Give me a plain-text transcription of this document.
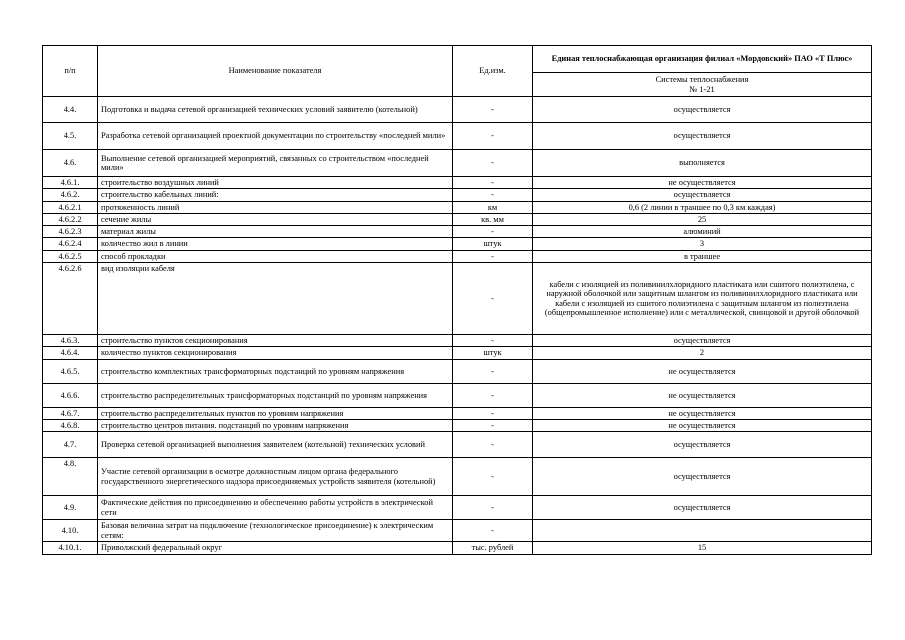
п/п	Наименование показателя	Ед.изм.	Единая теплоснабжающая организация филиал «Мордовский» ПАО «Т Плюс»

			Системы теплоснабжения
№ 1-21

4.4.	Подготовка и выдача сетевой организацией технических условий заявителю (котельной)	-	осуществляется
4.5.	Разработка сетевой организацией проектной документации по строительству «последней мили»	-	осуществляется
4.6.	Выполнение сетевой организацией мероприятий, связанных со строительством «последней мили»	-	выполняется
4.6.1.	строительство воздушных линий	-	не осуществляется
4.6.2.	строительство кабельных линий:	-	осуществляется
4.6.2.1	протяженность линий	км	0,6 (2 линии в траншее по 0,3 км каждая)
4.6.2.2	сечение жилы	кв. мм	25
4.6.2.3	материал жилы	-	алюминий
4.6.2.4	количество жил в линии	штук	3
4.6.2.5	способ прокладки	-	в траншее
4.6.2.6	вид изоляции кабеля	-	кабели с изоляцией из поливинилхлоридного пластиката или сшитого полиэтилена, с наружной оболочкой или защитным шлангом из поливинилхлоридного пластиката или кабели с изоляцией из сшитого полиэтилена с защитным шлангом из полиэтилена (общепромышленное исполнение) или с металлической, свинцовой и другой оболочкой
4.6.3.	строительство пунктов секционирования	-	осуществляется
4.6.4.	количество пунктов секционирования	штук	2
4.6.5.	строительство комплектных трансформаторных подстанций по уровням напряжения	-	не осуществляется
4.6.6.	строительство распределительных трансформаторных подстанций по уровням напряжения	-	не осуществляется
4.6.7.	строительство распределительных пунктов по уровням напряжения	-	не осуществляется
4.6.8.	строительство центров питания. подстанций по уровням напряжения	-	не осуществляется
4.7.	Проверка сетевой организацией выполнения заявителем (котельной) технических условий	-	осуществляется
4.8.	Участие сетевой организации в осмотре должностным лицом органа федерального государственного энергетического надзора присоединяемых устройств заявителя (котельной)	-	осуществляется
4.9.	Фактические действия по присоединению и обеспечению работы устройств в электрической сети	-	осуществляется
4.10.	Базовая величина затрат на подключение (технологическое присоединение) к электрическим сетям:	-	
4.10.1.	Приволжский федеральный округ	тыс. рублей	15
